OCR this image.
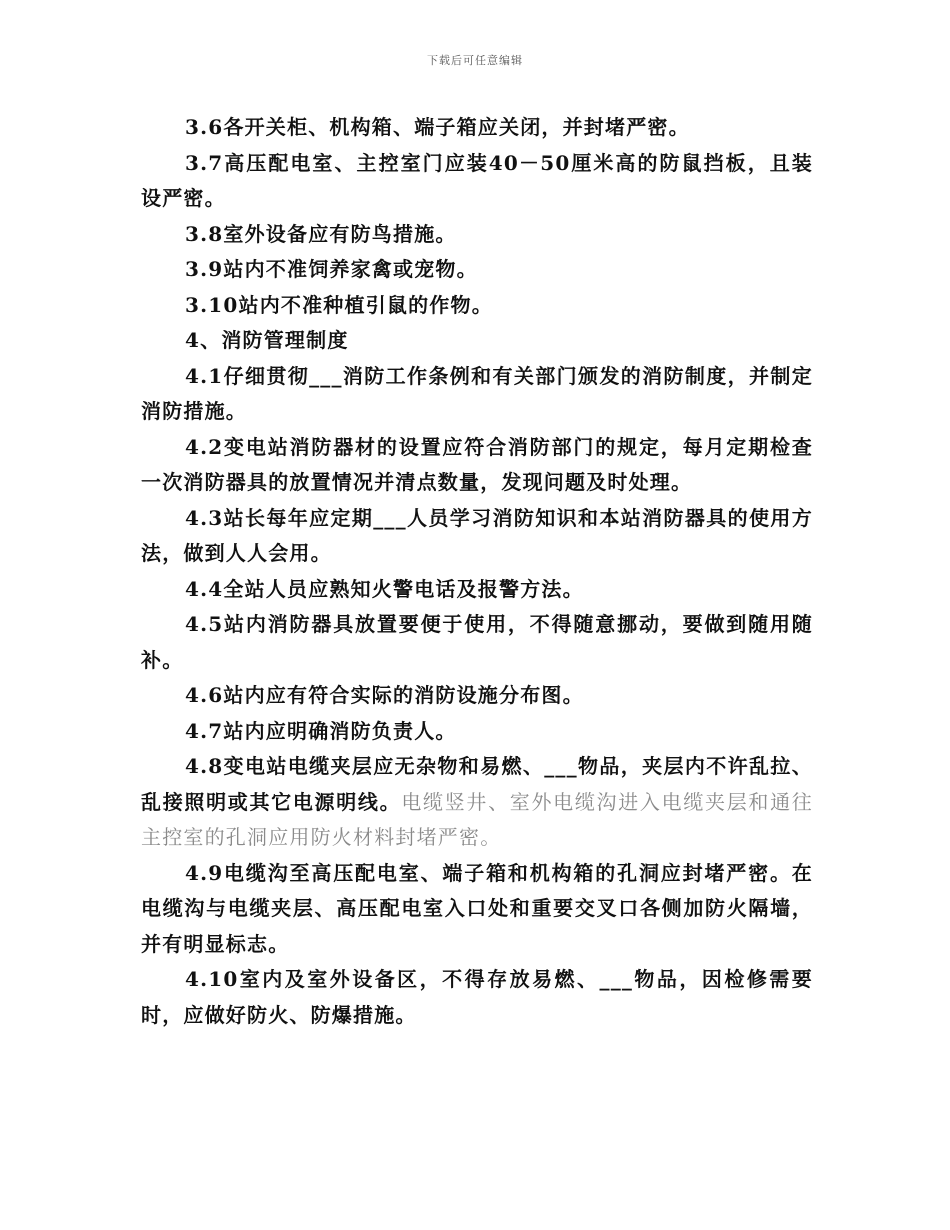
下载后可任意编辑

3.6各开关柜、机构箱、端子箱应关闭，并封堵严密。

3.7高压配电室、主控室门应装40－50厘米高的防鼠挡板，且装设严密。

3.8室外设备应有防鸟措施。

3.9站内不准饲养家禽或宠物。

3.10站内不准种植引鼠的作物。

4、消防管理制度

4.1仔细贯彻___消防工作条例和有关部门颁发的消防制度，并制定消防措施。

4.2变电站消防器材的设置应符合消防部门的规定，每月定期检查一次消防器具的放置情况并清点数量，发现问题及时处理。

4.3站长每年应定期___人员学习消防知识和本站消防器具的使用方法，做到人人会用。

4.4全站人员应熟知火警电话及报警方法。

4.5站内消防器具放置要便于使用，不得随意挪动，要做到随用随补。

4.6站内应有符合实际的消防设施分布图。

4.7站内应明确消防负责人。

4.8变电站电缆夹层应无杂物和易燃、___物品，夹层内不许乱拉、乱接照明或其它电源明线。电缆竖井、室外电缆沟进入电缆夹层和通往主控室的孔洞应用防火材料封堵严密。

4.9电缆沟至高压配电室、端子箱和机构箱的孔洞应封堵严密。在电缆沟与电缆夹层、高压配电室入口处和重要交叉口各侧加防火隔墙，并有明显标志。

4.10室内及室外设备区，不得存放易燃、___物品，因检修需要时，应做好防火、防爆措施。
